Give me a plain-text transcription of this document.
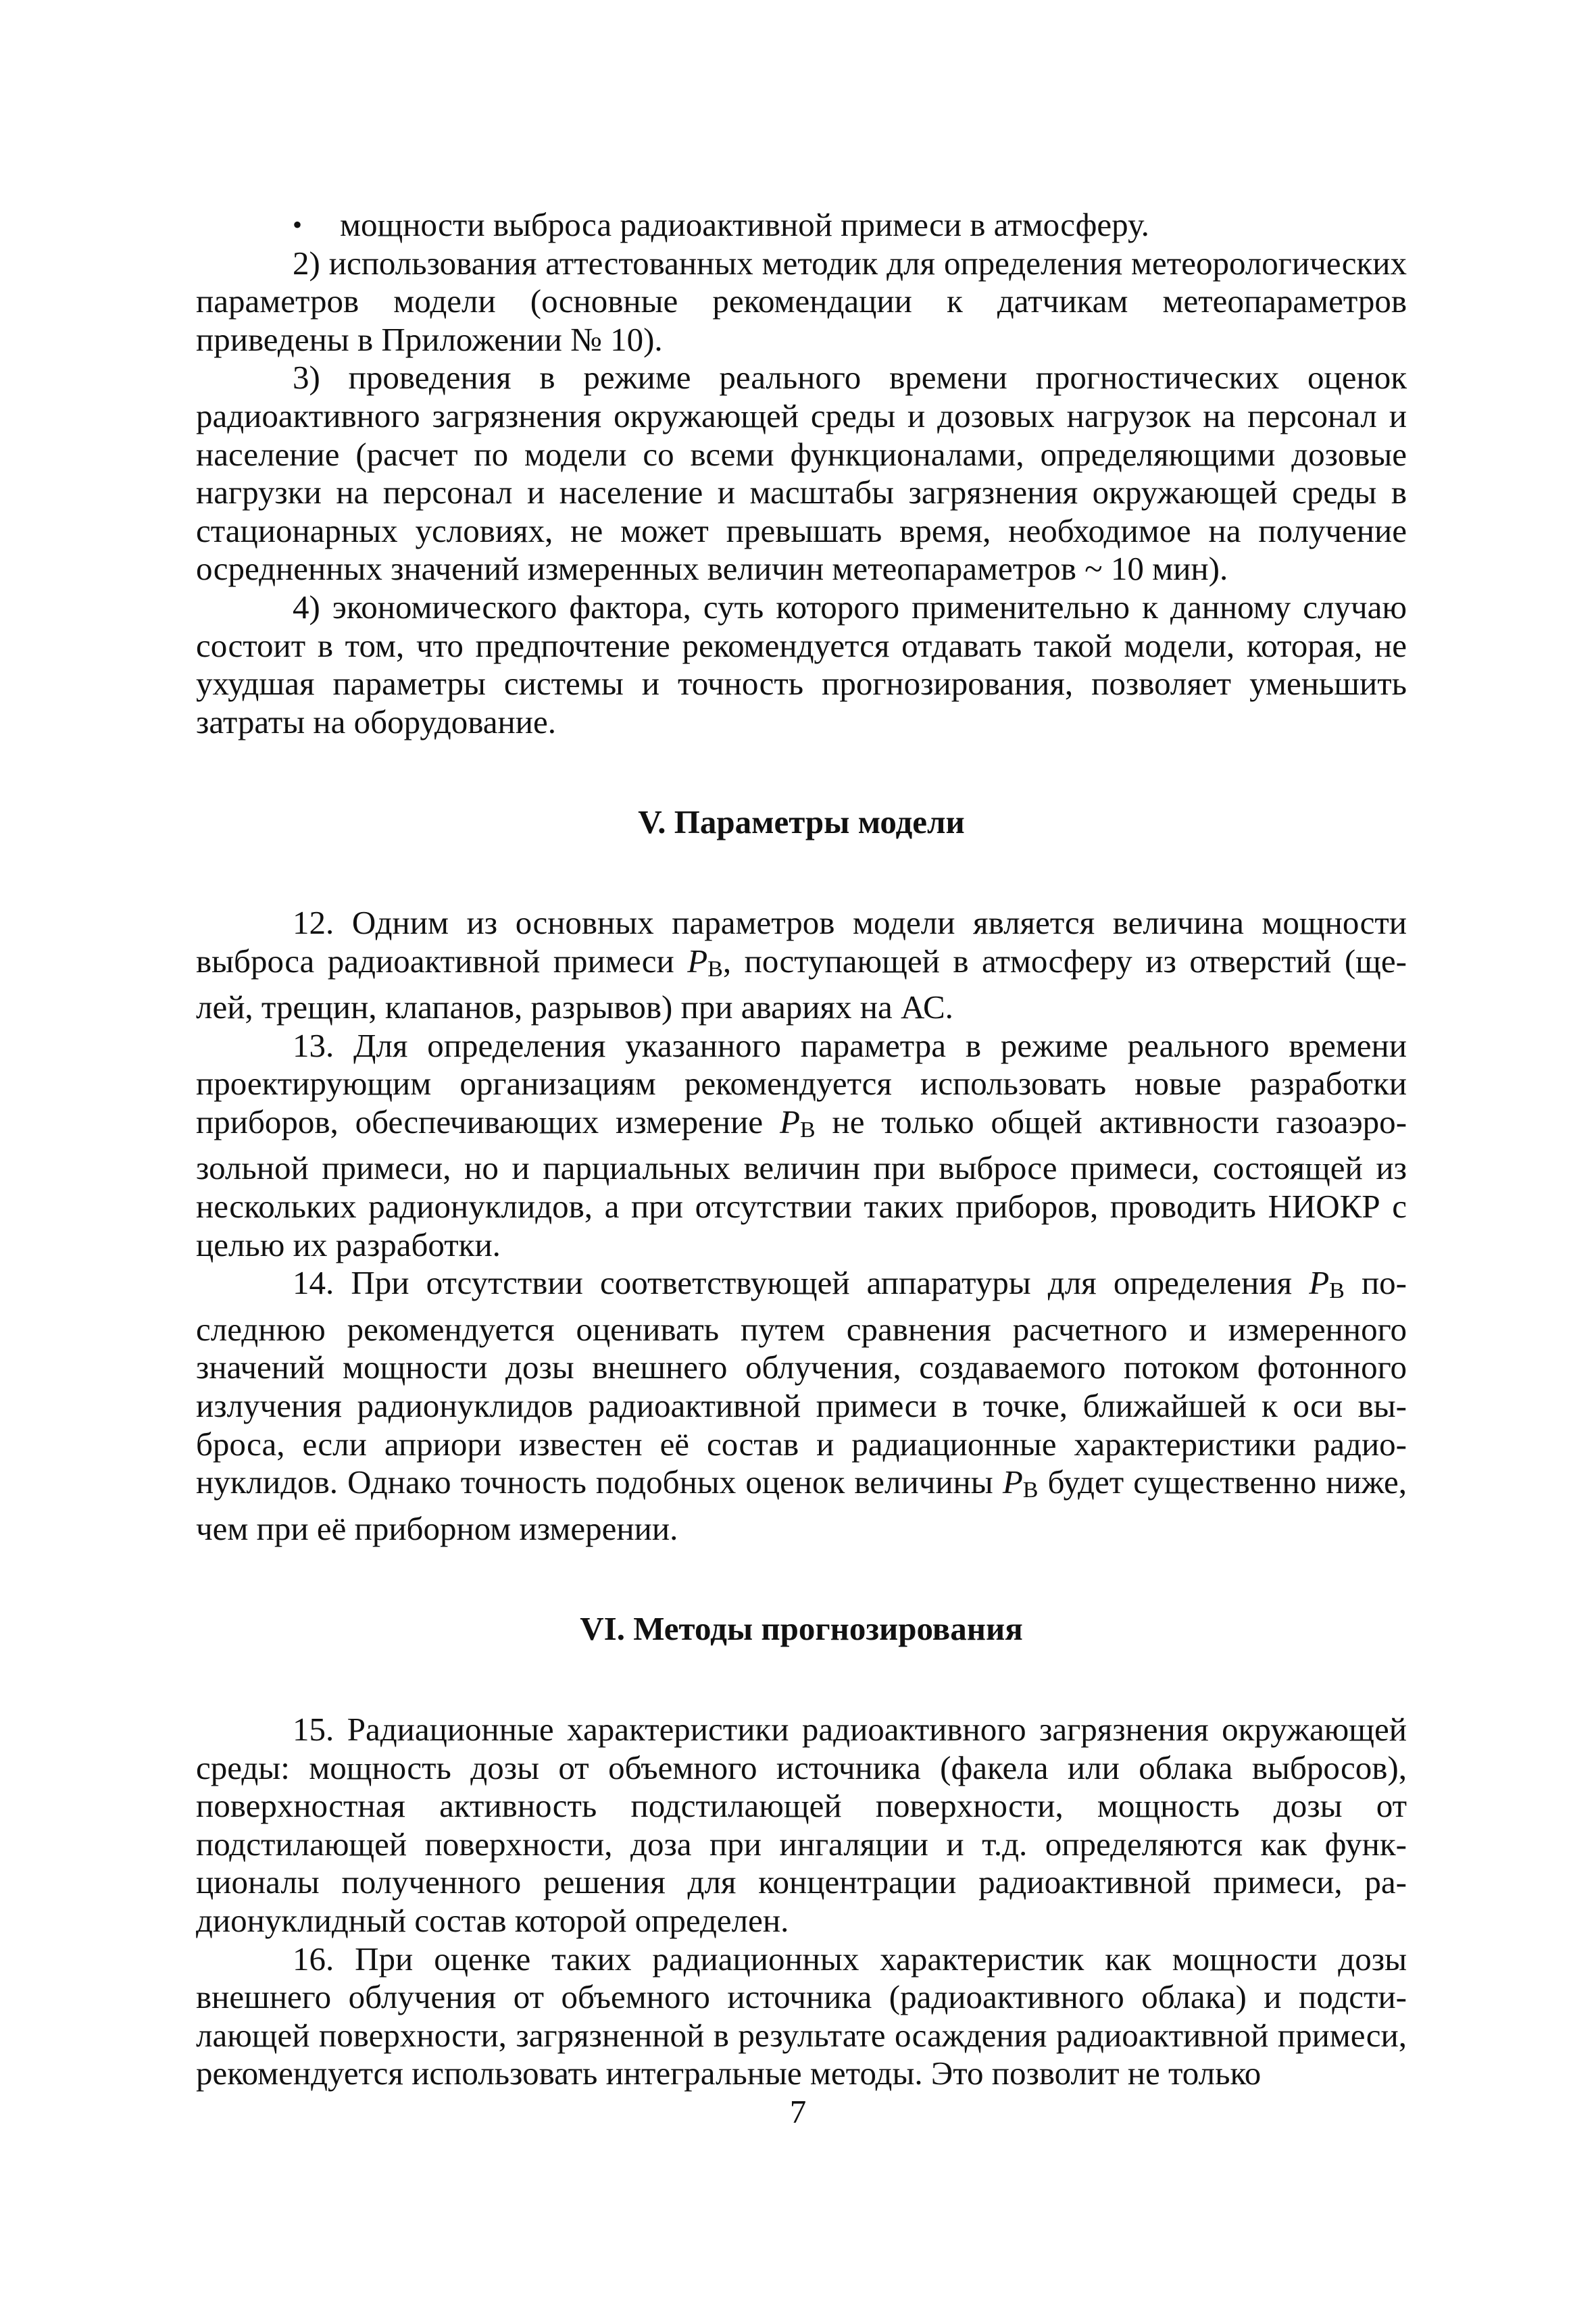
•	мощности выброса радиоактивной примеси в атмосферу.

2) использования аттестованных методик для определения метеорологических параметров модели (основные рекомендации к датчикам метеопараметров приведены в Приложении № 10).

3) проведения в режиме реального времени прогностических оценок радиоактивного загрязнения окружающей среды и дозовых нагрузок на персонал и население (расчет по модели со всеми функционалами, определяющими дозовые нагрузки на персонал и население и масштабы загрязнения окружающей среды в стационарных условиях, не может превышать время, необходимое на получение осредненных значений измеренных величин метеопараметров ~ 10 мин).

4) экономического фактора, суть которого применительно к данному случаю состоит в том, что предпочтение рекомендуется отдавать такой модели, которая, не ухудшая параметры системы и точность прогнозирования, позволяет уменьшить затраты на оборудование.

V. Параметры модели

12. Одним из основных параметров модели является величина мощности выброса радиоактивной примеси PВ, поступающей в атмосферу из отверстий (щелей, трещин, клапанов, разрывов) при авариях на АС.

13. Для определения указанного параметра в режиме реального времени проектирующим организациям рекомендуется использовать новые разработки приборов, обеспечивающих измерение PВ не только общей активности газоаэрозольной примеси, но и парциальных величин при выбросе примеси, состоящей из нескольких радионуклидов, а при отсутствии таких приборов, проводить НИОКР с целью их разработки.

14. При отсутствии соответствующей аппаратуры для определения PВ последнюю рекомендуется оценивать путем сравнения расчетного и измеренного значений мощности дозы внешнего облучения, создаваемого потоком фотонного излучения радионуклидов радиоактивной примеси в точке, ближайшей к оси выброса, если априори известен её состав и радиационные характеристики радионуклидов. Однако точность подобных оценок величины PВ будет существенно ниже, чем при её приборном измерении.

VI. Методы прогнозирования

15. Радиационные характеристики радиоактивного загрязнения окружающей среды: мощность дозы от объемного источника (факела или облака выбросов), поверхностная активность подстилающей поверхности, мощность дозы от подстилающей поверхности, доза при ингаляции и т.д. определяются как функционалы полученного решения для концентрации радиоактивной примеси, радионуклидный состав которой определен.

16. При оценке таких радиационных характеристик как мощности дозы внешнего облучения от объемного источника (радиоактивного облака) и подстилающей поверхности, загрязненной в результате осаждения радиоактивной примеси, рекомендуется использовать интегральные методы. Это позволит не только

7
